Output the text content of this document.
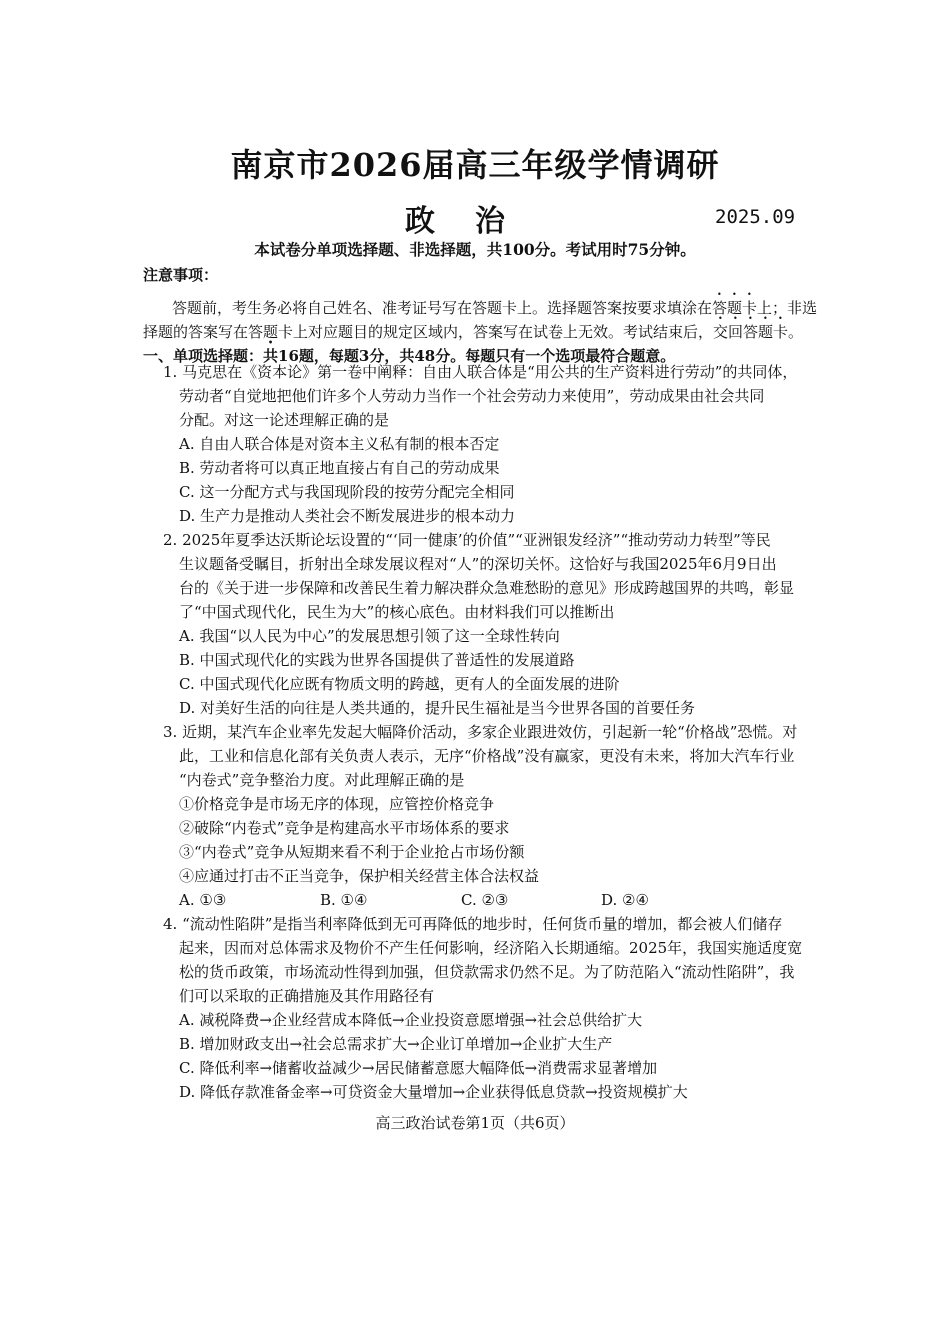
南京市2026届高三年级学情调研
政治	2025.09
本试卷分单项选择题、非选择题，共100分。考试用时75分钟。
注意事项：
答题前，考生务必将自己姓名、准考证号写在答题卡上。选择题答案按要求填涂在答题卡上；非选
择题的答案写在答题卡上对应题目的规定区域内，答案写在试卷上无效。考试结束后，交回答题卡。
一、单项选择题：共16题，每题3分，共48分。每题只有一个选项最符合题意。
1. 马克思在《资本论》第一卷中阐释：自由人联合体是“用公共的生产资料进行劳动”的共同体，
劳动者“自觉地把他们许多个人劳动力当作一个社会劳动力来使用”，劳动成果由社会共同
分配。对这一论述理解正确的是
A. 自由人联合体是对资本主义私有制的根本否定
B. 劳动者将可以真正地直接占有自己的劳动成果
C. 这一分配方式与我国现阶段的按劳分配完全相同
D. 生产力是推动人类社会不断发展进步的根本动力
2. 2025年夏季达沃斯论坛设置的“‘同一健康’的价值”“亚洲银发经济”“推动劳动力转型”等民
生议题备受瞩目，折射出全球发展议程对“人”的深切关怀。这恰好与我国2025年6月9日出
台的《关于进一步保障和改善民生着力解决群众急难愁盼的意见》形成跨越国界的共鸣，彰显
了“中国式现代化，民生为大”的核心底色。由材料我们可以推断出
A. 我国“以人民为中心”的发展思想引领了这一全球性转向
B. 中国式现代化的实践为世界各国提供了普适性的发展道路
C. 中国式现代化应既有物质文明的跨越，更有人的全面发展的进阶
D. 对美好生活的向往是人类共通的，提升民生福祉是当今世界各国的首要任务
3. 近期，某汽车企业率先发起大幅降价活动，多家企业跟进效仿，引起新一轮“价格战”恐慌。对
此，工业和信息化部有关负责人表示，无序“价格战”没有赢家，更没有未来，将加大汽车行业
“内卷式”竞争整治力度。对此理解正确的是
①价格竞争是市场无序的体现，应管控价格竞争
②破除“内卷式”竞争是构建高水平市场体系的要求
③“内卷式”竞争从短期来看不利于企业抢占市场份额
④应通过打击不正当竞争，保护相关经营主体合法权益
A. ①③	B. ①④	C. ②③	D. ②④
4. “流动性陷阱”是指当利率降低到无可再降低的地步时，任何货币量的增加，都会被人们储存
起来，因而对总体需求及物价不产生任何影响，经济陷入长期通缩。2025年，我国实施适度宽
松的货币政策，市场流动性得到加强，但贷款需求仍然不足。为了防范陷入“流动性陷阱”，我
们可以采取的正确措施及其作用路径有
A. 减税降费→企业经营成本降低→企业投资意愿增强→社会总供给扩大
B. 增加财政支出→社会总需求扩大→企业订单增加→企业扩大生产
C. 降低利率→储蓄收益减少→居民储蓄意愿大幅降低→消费需求显著增加
D. 降低存款准备金率→可贷资金大量增加→企业获得低息贷款→投资规模扩大
高三政治试卷第1页（共6页）
